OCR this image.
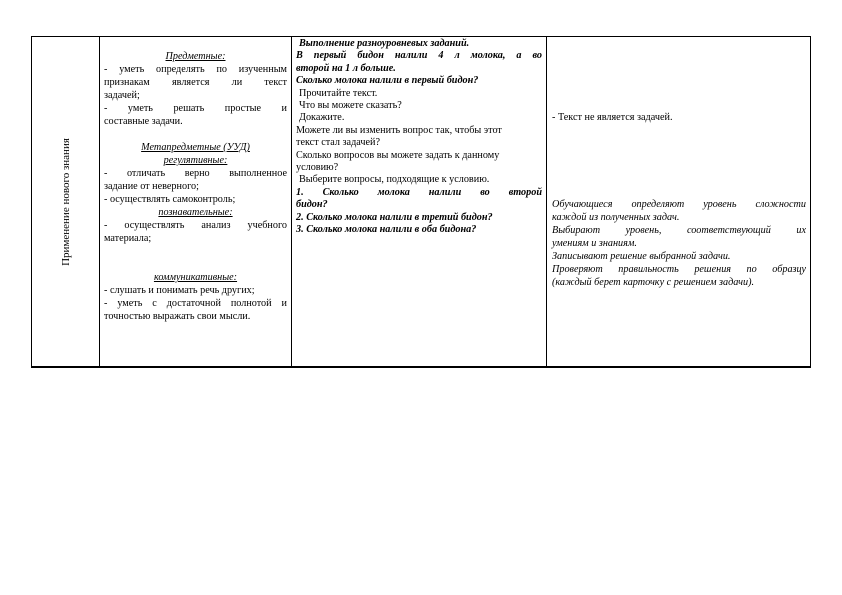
Применение нового знания
Предметные:
- уметь определять по изученным
признакам является ли текст
задачей;
- уметь решать простые и
составные задачи.
Метапредметные (УУД)
регулятивные:
- отличать верно выполненное
задание от неверного;
- осуществлять самоконтроль;
познавательные:
- осуществлять анализ учебного
материала;
коммуникативные:
- слушать и понимать речь других;
- уметь с достаточной полнотой и
точностью выражать свои мысли.
Выполнение разноуровневых заданий.
В первый бидон налили 4 л молока, а во
второй на 1 л больше.
Сколько молока налили в первый бидон?
Прочитайте текст.
Что вы можете сказать?
Докажите.
Можете ли вы изменить вопрос так, чтобы этот
текст стал задачей?
Сколько вопросов вы можете задать к данному
условию?
Выберите вопросы, подходящие к условию.
1. Сколько молока налили во второй
бидон?
2. Сколько молока налили в третий бидон?
3. Сколько молока налили в оба бидона?
- Текст не является задачей.
Обучающиеся определяют уровень сложности
каждой из полученных задач.
Выбирают уровень, соответствующий их
умениям и знаниям.
Записывают решение выбранной задачи.
Проверяют правильность решения по образцу
(каждый берет карточку с решением задачи).
